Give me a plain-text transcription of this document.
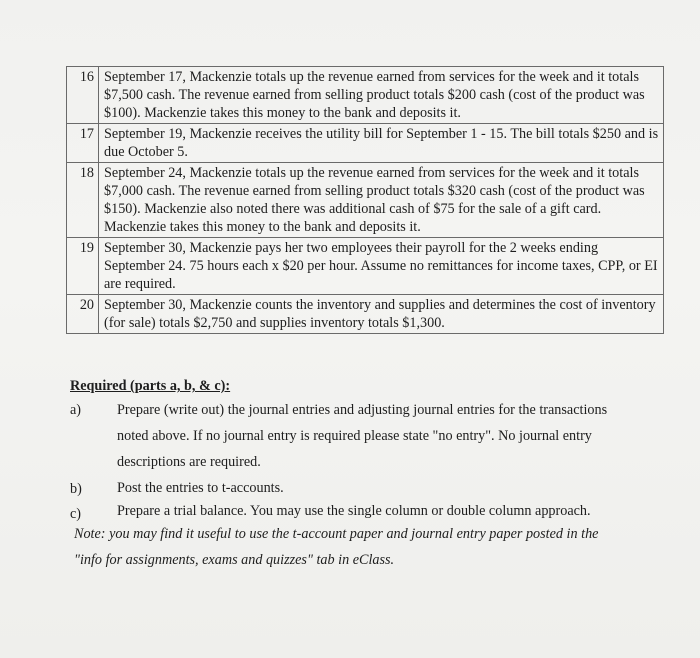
16	September 17, Mackenzie totals up the revenue earned from services for the week and it totals $7,500 cash. The revenue earned from selling product totals $200 cash (cost of the product was $100). Mackenzie takes this money to the bank and deposits it.
17	September 19, Mackenzie receives the utility bill for September 1 - 15. The bill totals $250 and is due October 5.
18	September 24, Mackenzie totals up the revenue earned from services for the week and it totals $7,000 cash. The revenue earned from selling product totals $320 cash (cost of the product was $150). Mackenzie also noted there was additional cash of $75 for the sale of a gift card. Mackenzie takes this money to the bank and deposits it.
19	September 30, Mackenzie pays her two employees their payroll for the 2 weeks ending September 24. 75 hours each x $20 per hour. Assume no remittances for income taxes, CPP, or EI are required.
20	September 30, Mackenzie counts the inventory and supplies and determines the cost of inventory (for sale) totals $2,750 and supplies inventory totals $1,300.
Required (parts a, b, & c):
a)	Prepare (write out) the journal entries and adjusting journal entries for the transactions noted above. If no journal entry is required please state "no entry". No journal entry descriptions are required.
b) Post the entries to t-accounts.
c)	Prepare a trial balance. You may use the single column or double column approach.
Note: you may find it useful to use the t-account paper and journal entry paper posted in the "info for assignments, exams and quizzes" tab in eClass.
